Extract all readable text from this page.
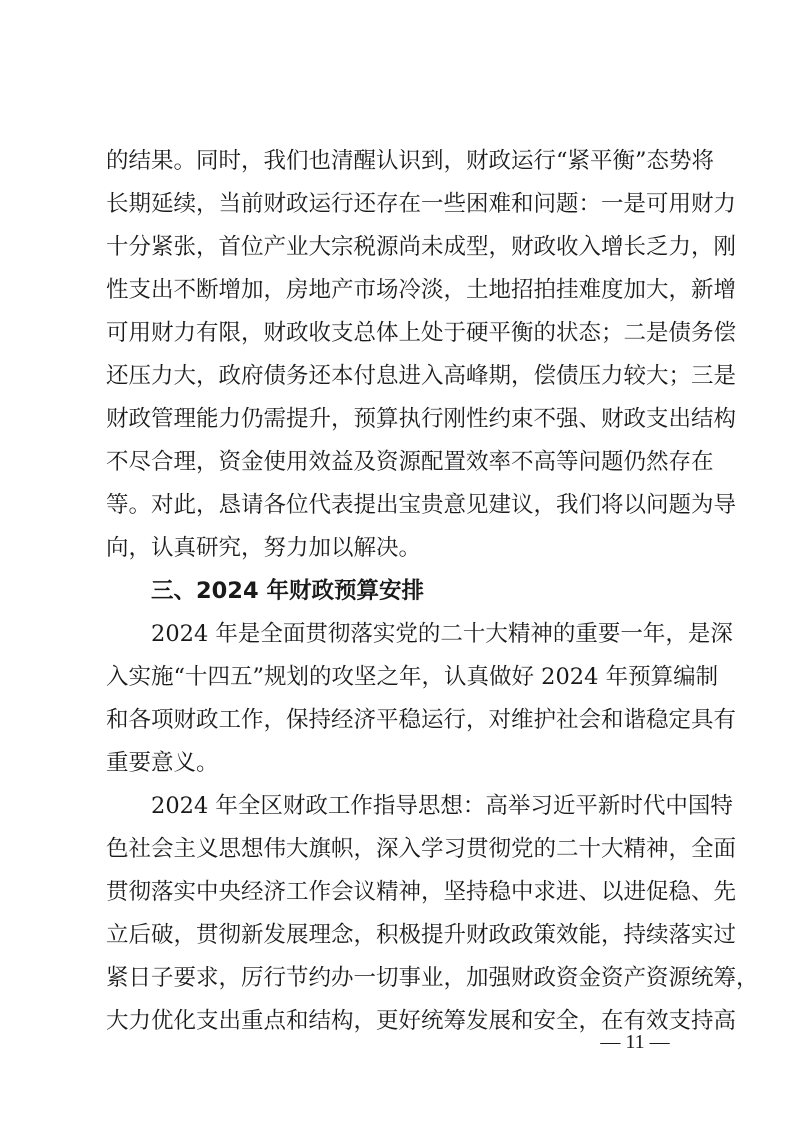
的结果。同时，我们也清醒认识到，财政运行“紧平衡”态势将
长期延续，当前财政运行还存在一些困难和问题：一是可用财力
十分紧张，首位产业大宗税源尚未成型，财政收入增长乏力，刚
性支出不断增加，房地产市场冷淡，土地招拍挂难度加大，新增
可用财力有限，财政收支总体上处于硬平衡的状态；二是债务偿
还压力大，政府债务还本付息进入高峰期，偿债压力较大；三是
财政管理能力仍需提升，预算执行刚性约束不强、财政支出结构
不尽合理，资金使用效益及资源配置效率不高等问题仍然存在
等。对此，恳请各位代表提出宝贵意见建议，我们将以问题为导
向，认真研究，努力加以解决。
三、2024 年财政预算安排
2024 年是全面贯彻落实党的二十大精神的重要一年，是深
入实施“十四五”规划的攻坚之年，认真做好 2024 年预算编制
和各项财政工作，保持经济平稳运行，对维护社会和谐稳定具有
重要意义。
2024 年全区财政工作指导思想：高举习近平新时代中国特
色社会主义思想伟大旗帜，深入学习贯彻党的二十大精神，全面
贯彻落实中央经济工作会议精神，坚持稳中求进、以进促稳、先
立后破，贯彻新发展理念，积极提升财政政策效能，持续落实过
紧日子要求，厉行节约办一切事业，加强财政资金资产资源统筹，
大力优化支出重点和结构，更好统筹发展和安全，在有效支持高
— 11 —
